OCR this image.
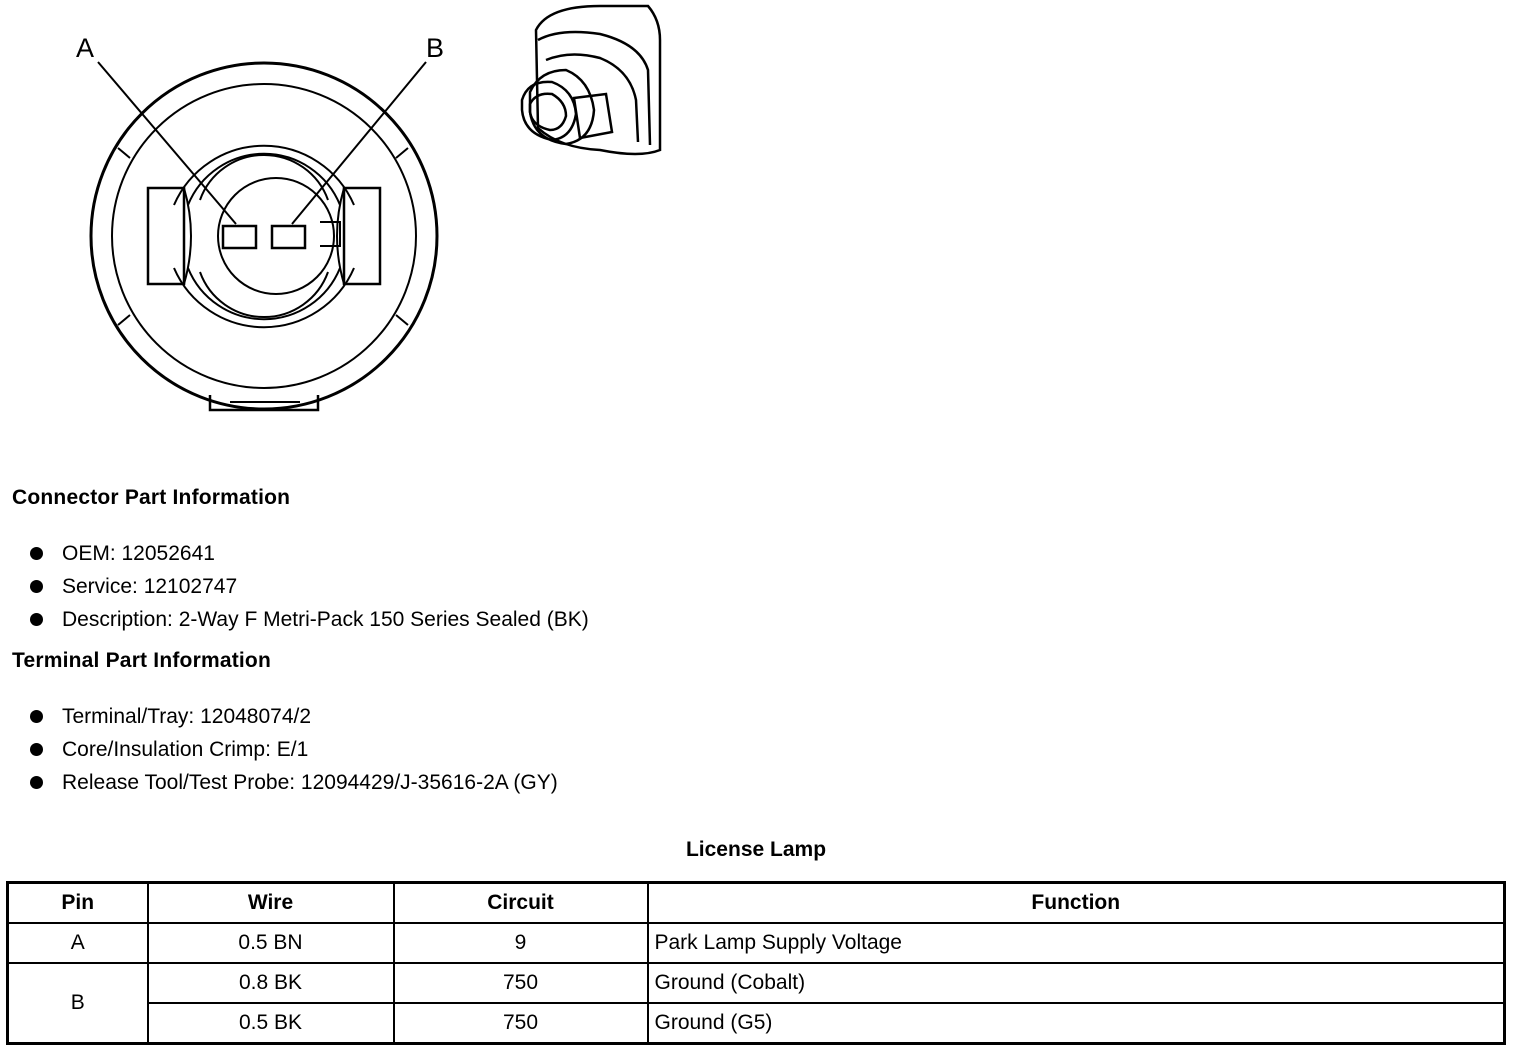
A	B
Connector Part Information
OEM: 12052641
Service: 12102747
Description: 2-Way F Metri-Pack 150 Series Sealed (BK)
Terminal Part Information
Terminal/Tray: 12048074/2
Core/Insulation Crimp: E/1
Release Tool/Test Probe: 12094429/J-35616-2A (GY)
License Lamp
Pin	Wire	Circuit	Function
A	0.5 BN	9	Park Lamp Supply Voltage
B	0.8 BK	750	Ground (Cobalt)
	0.5 BK	750	Ground (G5)
